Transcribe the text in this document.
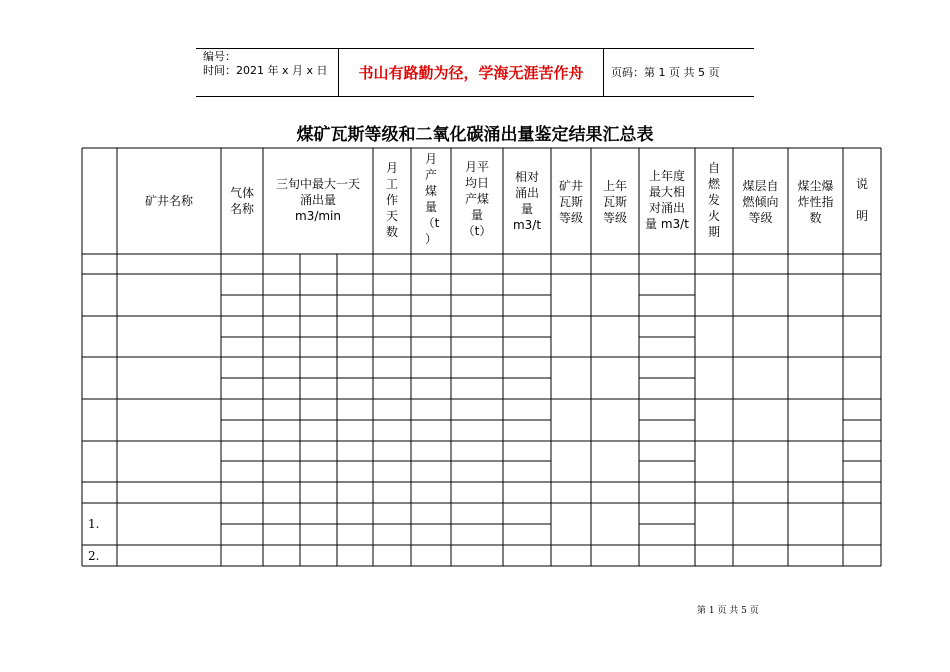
编号：
时间：2021 年 x 月 x 日	书山有路勤为径，学海无涯苦作舟	页码：第 1 页 共 5 页
煤矿瓦斯等级和二氧化碳涌出量鉴定结果汇总表
矿井名称
气体
名称
三旬中最大一天
涌出量
m3/min
月
工
作
天
数
月
产
煤
量
（t
）
月平
均日
产煤
量
（t）
相对
涌出
量
m3/t
矿井
瓦斯
等级
上年
瓦斯
等级
上年度
最大相
对涌出
量 m3/t
自
燃
发
火
期
煤层自
燃倾向
等级
煤尘爆
炸性指
数
说

明
1.
2.
第 1 页 共 5 页
